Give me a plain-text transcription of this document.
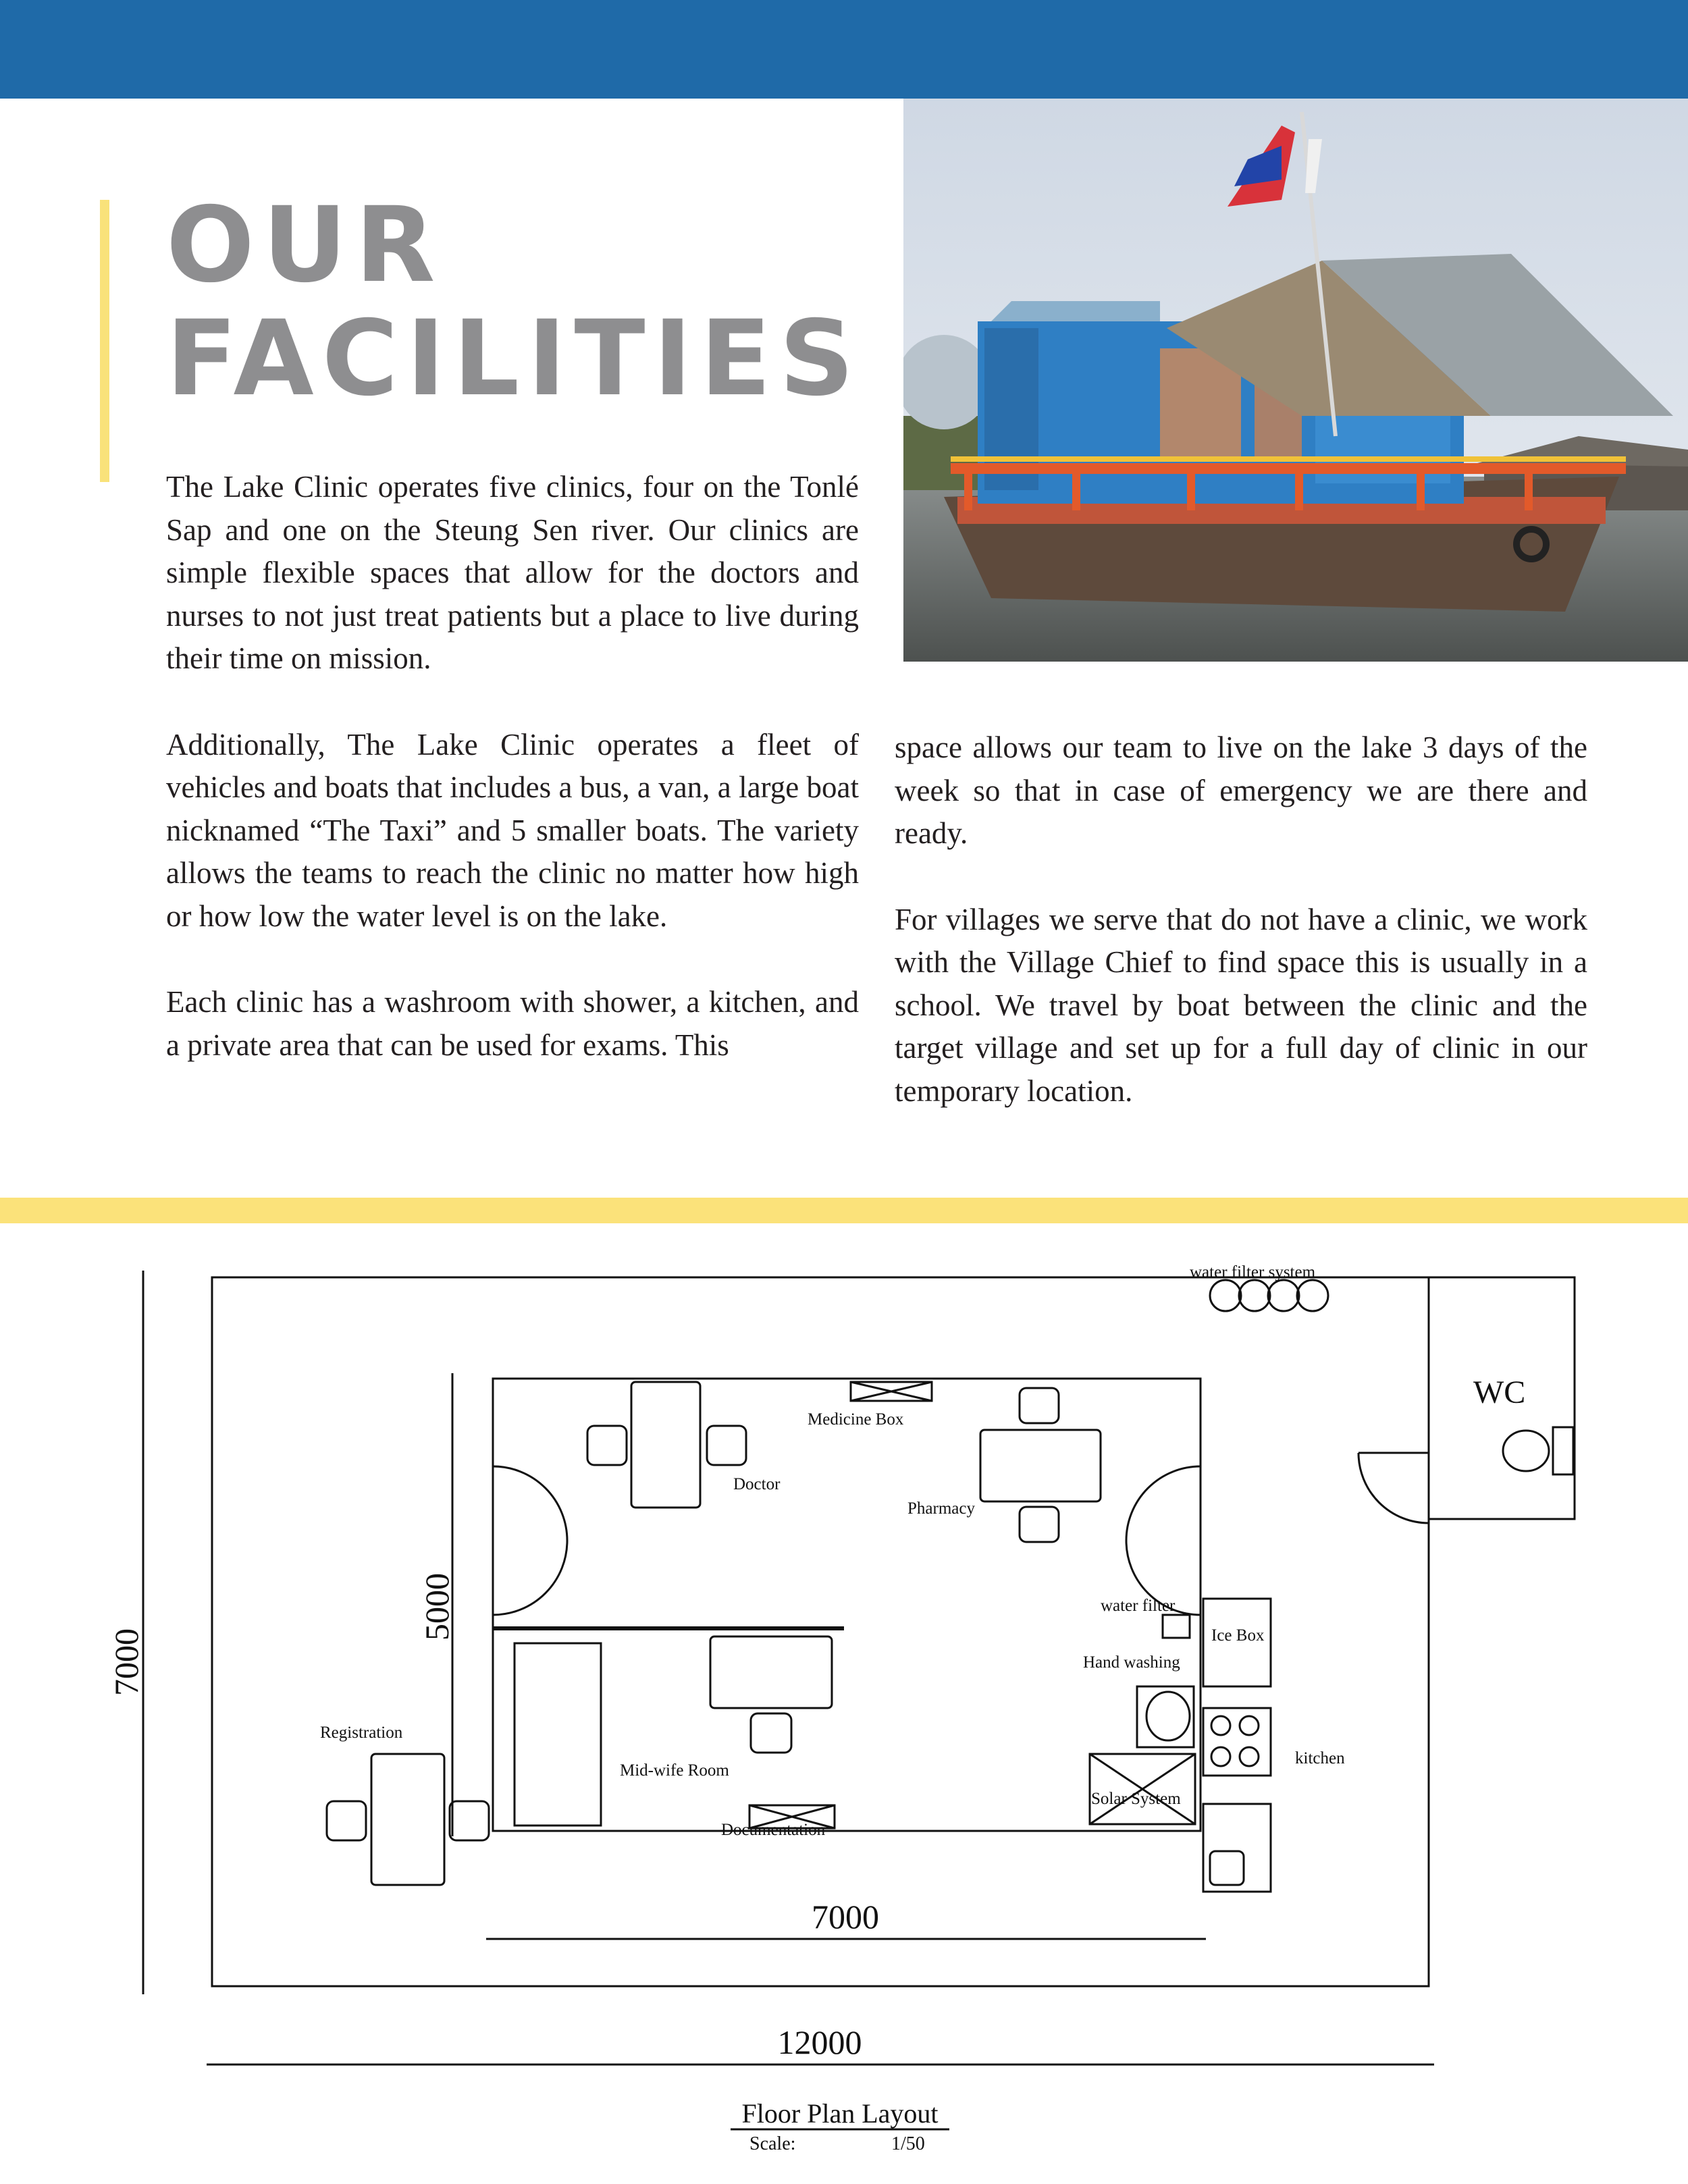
OUR
FACILITIES

The Lake Clinic operates five clinics, four on the Tonlé Sap and one on the Steung Sen river. Our clinics are simple flexible spaces that allow for the doctors and nurses to not just treat patients but a place to live during their time on mission.

Additionally, The Lake Clinic operates a fleet of vehicles and boats that includes a bus, a van, a large boat nicknamed “The Taxi” and 5 smaller boats. The variety allows the teams to reach the clinic no matter how high or how low the water level is on the lake.

Each clinic has a washroom with shower, a kitchen, and a private area that can be used for exams. This

space allows our team to live on the lake 3 days of the week so that in case of emergency we are there and ready.

For villages we serve that do not have a clinic, we work with the Village Chief to find space this is usually in a school. We travel by boat between the clinic and the target village and set up for a full day of clinic in our temporary location.

water filter system
WC
Medicine Box
Doctor
Pharmacy
water filter
Ice Box
Hand washing
kitchen
Registration
Mid-wife Room
Documentation
Solar System
7000
5000
7000
12000
Floor Plan Layout
Scale:	1/50
